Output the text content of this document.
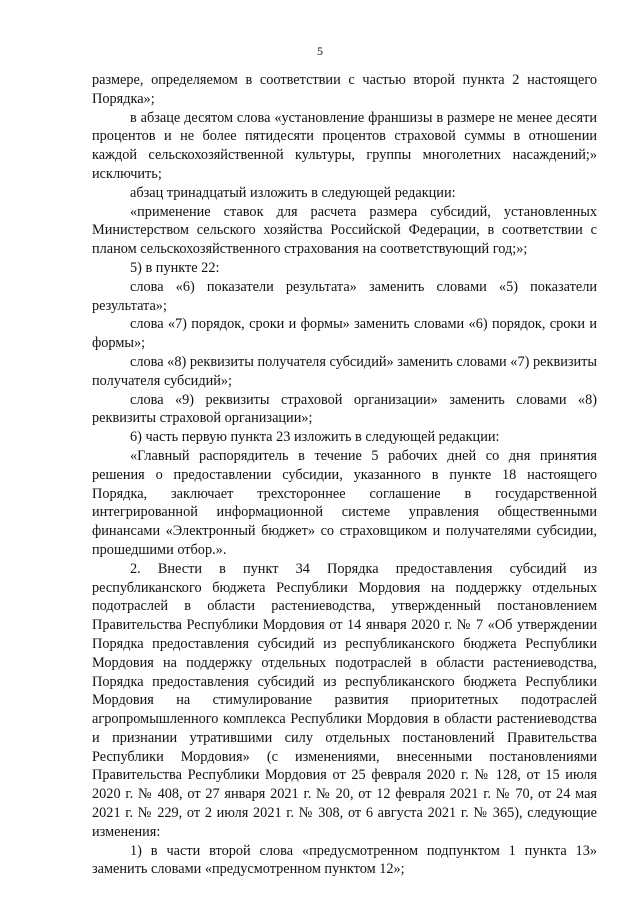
5

размере, определяемом в соответствии с частью второй пункта 2 настоящего Порядка»;

в абзаце десятом слова «установление франшизы в размере не менее десяти процентов и не более пятидесяти процентов страховой суммы в отношении каждой сельскохозяйственной культуры, группы многолетних насаждений;» исключить;

абзац тринадцатый изложить в следующей редакции:

«применение ставок для расчета размера субсидий, установленных Министерством сельского хозяйства Российской Федерации, в соответствии с планом сельскохозяйственного страхования на соответствующий год;»;

5) в пункте 22:

слова «6) показатели результата» заменить словами «5) показатели результата»;

слова «7) порядок, сроки и формы» заменить словами «6) порядок, сроки и формы»;

слова «8) реквизиты получателя субсидий» заменить словами «7) реквизиты получателя субсидий»;

слова «9) реквизиты страховой организации» заменить словами «8) реквизиты страховой организации»;

6) часть первую пункта 23 изложить в следующей редакции:

«Главный распорядитель в течение 5 рабочих дней со дня принятия решения о предоставлении субсидии, указанного в пункте 18 настоящего Порядка, заключает трехстороннее соглашение в государственной интегрированной информационной системе управления общественными финансами «Электронный бюджет» со страховщиком и получателями субсидии, прошедшими отбор.».

2. Внести в пункт 34 Порядка предоставления субсидий из республиканского бюджета Республики Мордовия на поддержку отдельных подотраслей в области растениеводства, утвержденный постановлением Правительства Республики Мордовия от 14 января 2020 г. № 7 «Об утверждении Порядка предоставления субсидий из республиканского бюджета Республики Мордовия на поддержку отдельных подотраслей в области растениеводства, Порядка предоставления субсидий из республиканского бюджета Республики Мордовия на стимулирование развития приоритетных подотраслей агропромышленного комплекса Республики Мордовия в области растениеводства и признании утратившими силу отдельных постановлений Правительства Республики Мордовия» (с изменениями, внесенными постановлениями Правительства Республики Мордовия от 25 февраля 2020 г. № 128, от 15 июля 2020 г. № 408, от 27 января 2021 г. № 20, от 12 февраля 2021 г. № 70, от 24 мая 2021 г. № 229, от 2 июля 2021 г. № 308, от 6 августа 2021 г. № 365), следующие изменения:

1) в части второй слова «предусмотренном подпунктом 1 пункта 13» заменить словами «предусмотренном пунктом 12»;
